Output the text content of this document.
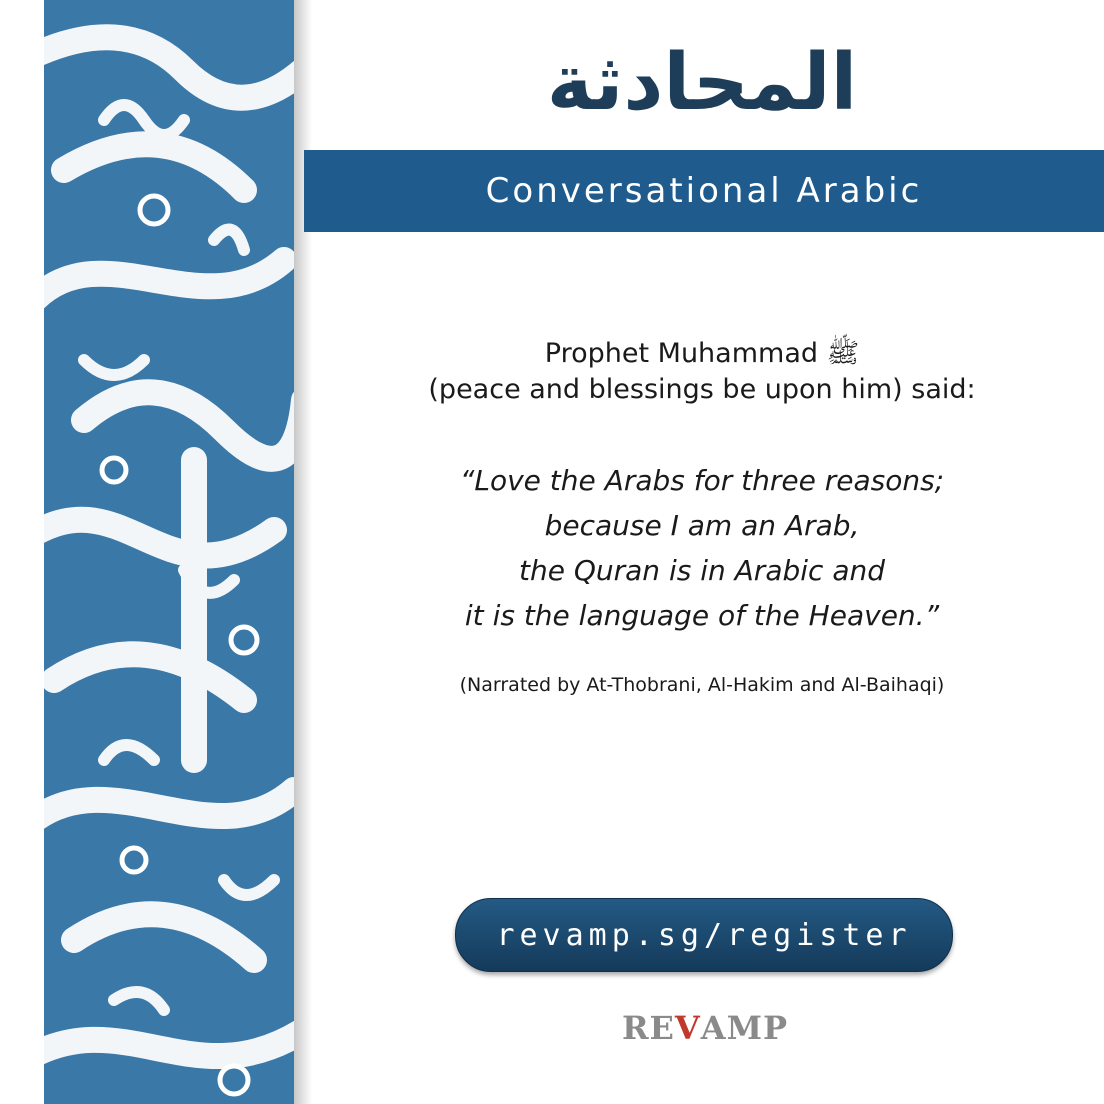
المحادثة
Conversational Arabic

Prophet Muhammad ﷺ

(peace and blessings be upon him) said:

“Love the Arabs for three reasons;

because I am an Arab,

the Quran is in Arabic and

it is the language of the Heaven.”

(Narrated by At-Thobrani, Al-Hakim and Al-Baihaqi)
revamp.sg/register
RE V AMP
